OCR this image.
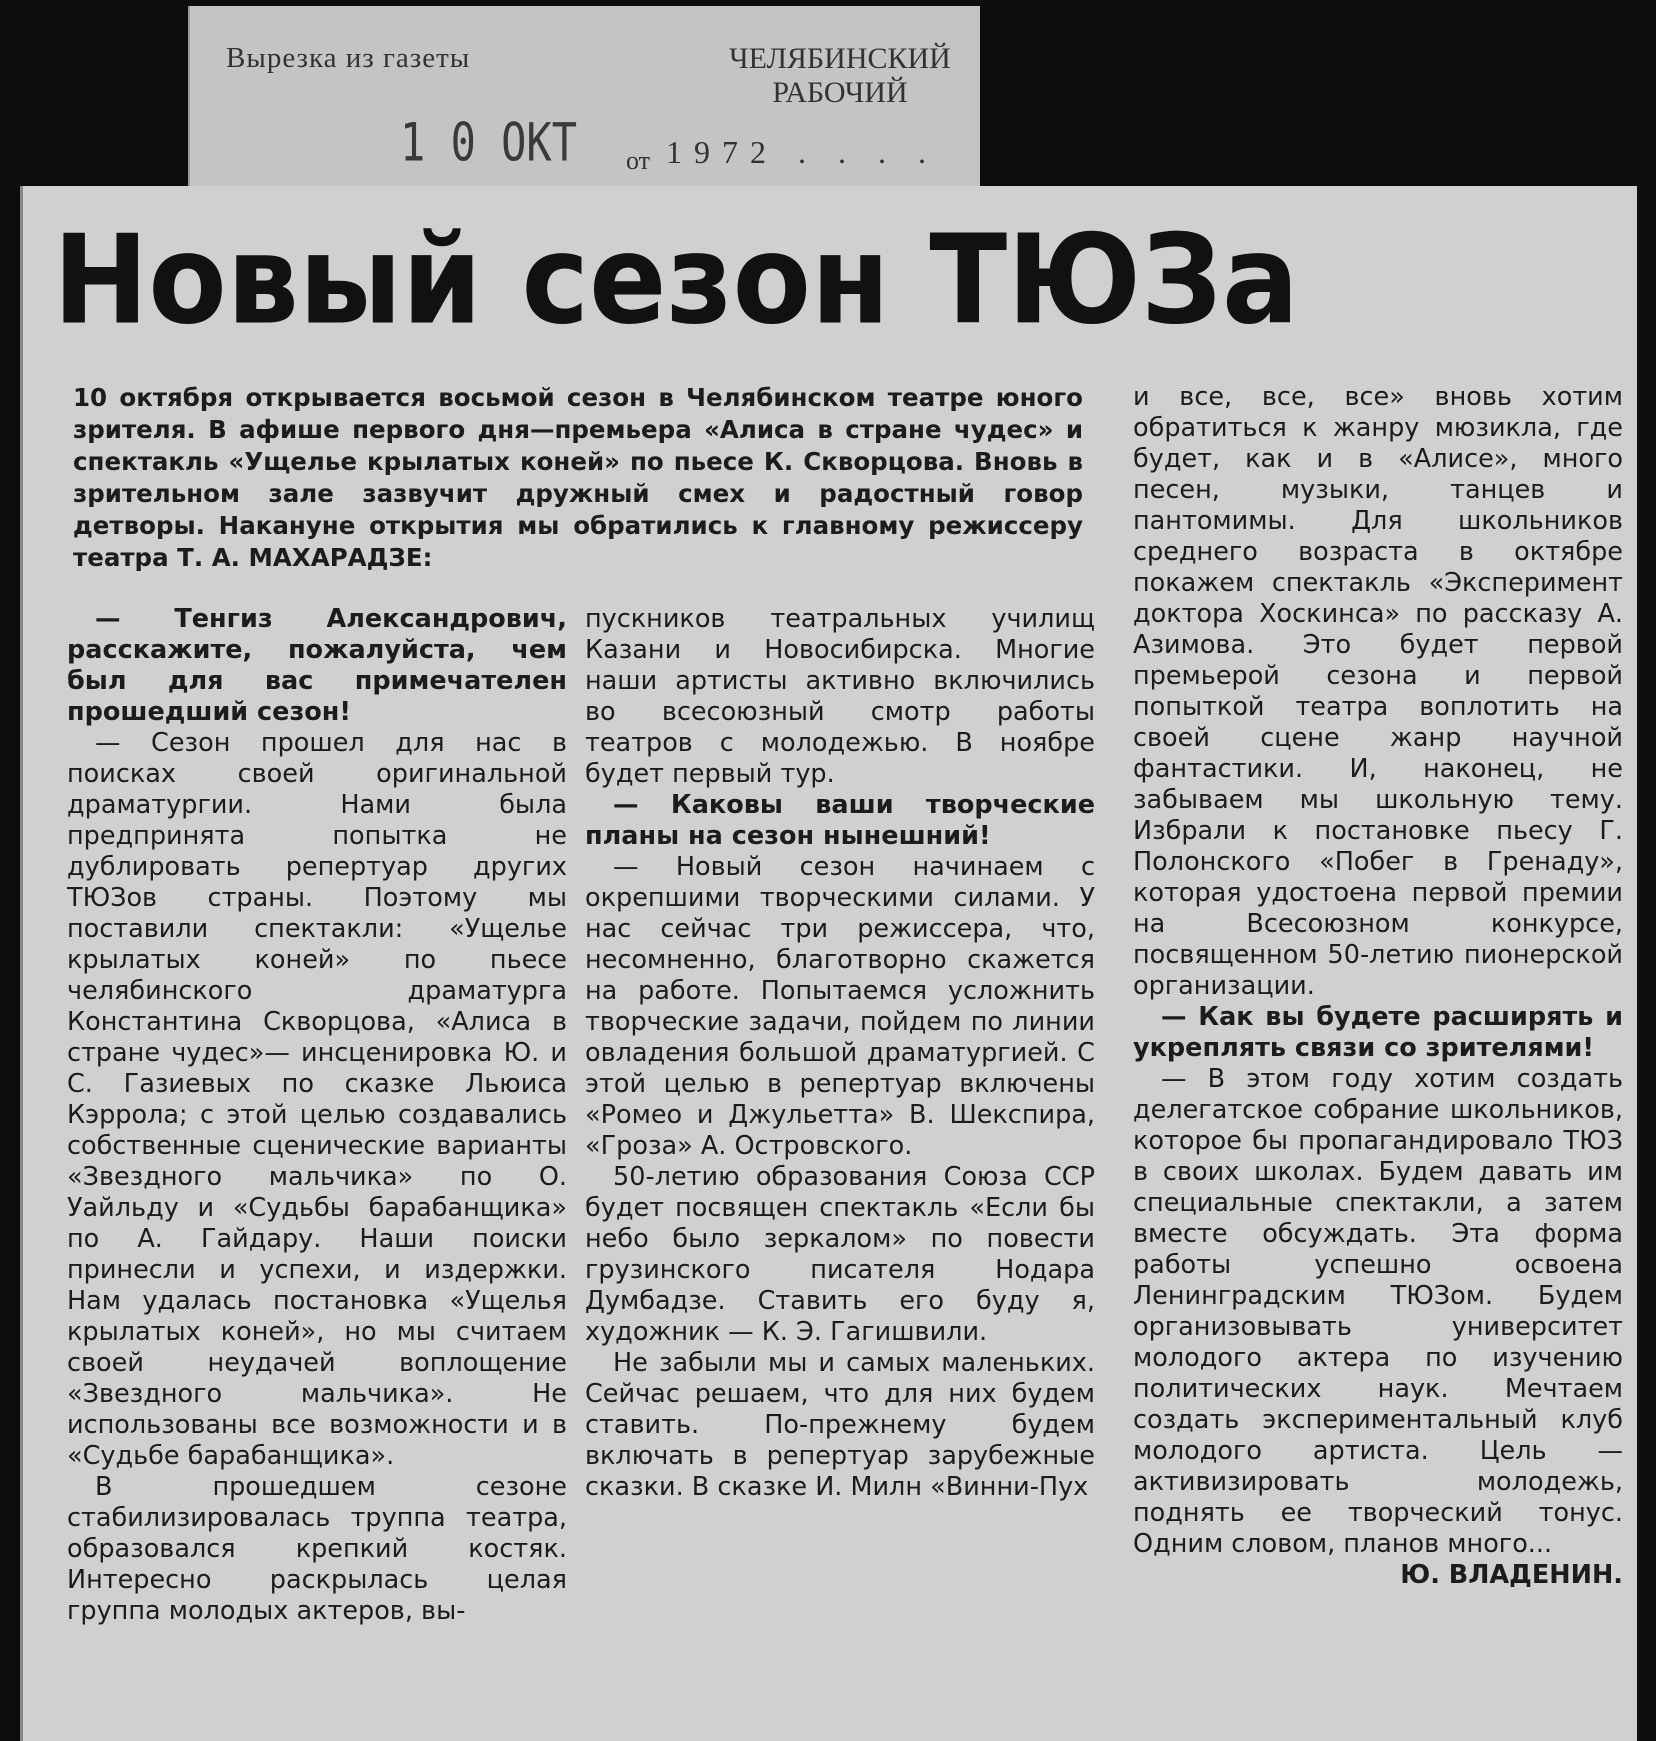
Вырезка из газеты	ЧЕЛЯБИНСКИЙ
РАБОЧИЙ
1 0 ОКТ от 1972 . . . .
Новый сезон ТЮЗа
10 октября открывается восьмой сезон в Челябинском театре юного зрителя. В афише первого дня—премьера «Алиса в стране чудес» и спектакль «Ущелье крылатых коней» по пьесе К. Скворцова. Вновь в зрительном зале зазвучит дружный смех и радостный говор детворы. Накануне открытия мы обратились к главному режиссеру театра Т. А. МАХАРАДЗЕ:

— Тенгиз Александрович, расскажите, пожалуйста, чем был для вас примечателен прошедший сезон!

— Сезон прошел для нас в поисках своей оригинальной драматургии. Нами была предпринята попытка не дублировать репертуар других ТЮЗов страны. Поэтому мы поставили спектакли: «Ущелье крылатых коней» по пьесе челябинского драматурга Константина Скворцова, «Алиса в стране чудес»— инсценировка Ю. и С. Газиевых по сказке Льюиса Кэррола; с этой целью создавались собственные сценические варианты «Звездного мальчика» по О. Уайльду и «Судьбы барабанщика» по А. Гайдару. Наши поиски принесли и успехи, и издержки. Нам удалась постановка «Ущелья крылатых коней», но мы считаем своей неудачей воплощение «Звездного мальчика». Не использованы все возможности и в «Судьбе барабанщика».

В прошедшем сезоне стабилизировалась труппа театра, образовался крепкий костяк. Интересно раскрылась целая группа молодых актеров, вы-

пускников театральных училищ Казани и Новосибирска. Многие наши артисты активно включились во всесоюзный смотр работы театров с молодежью. В ноябре будет первый тур.

— Каковы ваши творческие планы на сезон нынешний!

— Новый сезон начинаем с окрепшими творческими силами. У нас сейчас три режиссера, что, несомненно, благотворно скажется на работе. Попытаемся усложнить творческие задачи, пойдем по линии овладения большой драматургией. С этой целью в репертуар включены «Ромео и Джульетта» В. Шекспира, «Гроза» А. Островского.

50-летию образования Союза ССР будет посвящен спектакль «Если бы небо было зеркалом» по повести грузинского писателя Нодара Думбадзе. Ставить его буду я, художник — К. Э. Гагишвили.

Не забыли мы и самых маленьких. Сейчас решаем, что для них будем ставить. По-прежнему будем включать в репертуар зарубежные сказки. В сказке И. Милн «Винни-Пух

и все, все, все» вновь хотим обратиться к жанру мюзикла, где будет, как и в «Алисе», много песен, музыки, танцев и пантомимы. Для школьников среднего возраста в октябре покажем спектакль «Эксперимент доктора Хоскинса» по рассказу А. Азимова. Это будет первой премьерой сезона и первой попыткой театра воплотить на своей сцене жанр научной фантастики. И, наконец, не забываем мы школьную тему. Избрали к постановке пьесу Г. Полонского «Побег в Гренаду», которая удостоена первой премии на Всесоюзном конкурсе, посвященном 50-летию пионерской организации.

— Как вы будете расширять и укреплять связи со зрителями!

— В этом году хотим создать делегатское собрание школьников, которое бы пропагандировало ТЮЗ в своих школах. Будем давать им специальные спектакли, а затем вместе обсуждать. Эта форма работы успешно освоена Ленинградским ТЮЗом. Будем организовывать университет молодого актера по изучению политических наук. Мечтаем создать экспериментальный клуб молодого артиста. Цель — активизировать молодежь, поднять ее творческий тонус. Одним словом, планов много...

Ю. ВЛАДЕНИН.
